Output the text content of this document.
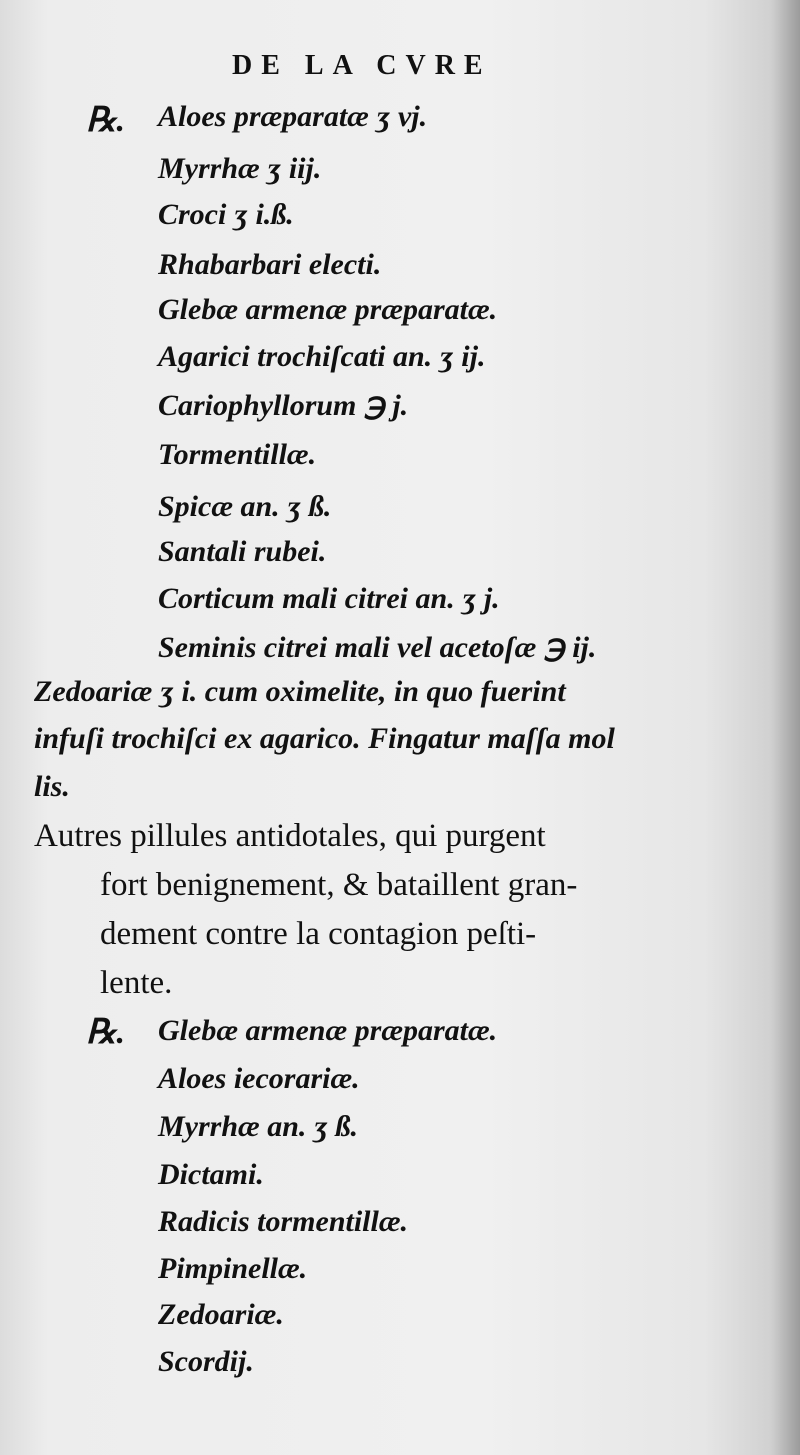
DE LA CVRE
℞. Aloes præparatæ ʒ vj.
Myrrhæ ʒ iij.
Croci ʒ i.ß.
Rhabarbari electi.
Glebæ armenæ præparatæ.
Agarici trochiſcati an. ʒ ij.
Cariophyllorum ℈ j.
Tormentillæ.
Spicæ an. ʒ ß.
Santali rubei.
Corticum mali citrei an. ʒ j.
Seminis citrei mali vel acetoſæ ℈ ij.
Zedoariæ ʒ i. cum oximelite, in quo fuerint
infuſi trochiſci ex agarico. Fingatur maſſa mol
lis.
Autres pillules antidotales, qui purgent
fort benignement, & bataillent gran-
dement contre la contagion peſti-
lente.
℞. Glebæ armenæ præparatæ.
Aloes iecorariæ.
Myrrhæ an. ʒ ß.
Dictami.
Radicis tormentillæ.
Pimpinellæ.
Zedoariæ.
Scordij.
